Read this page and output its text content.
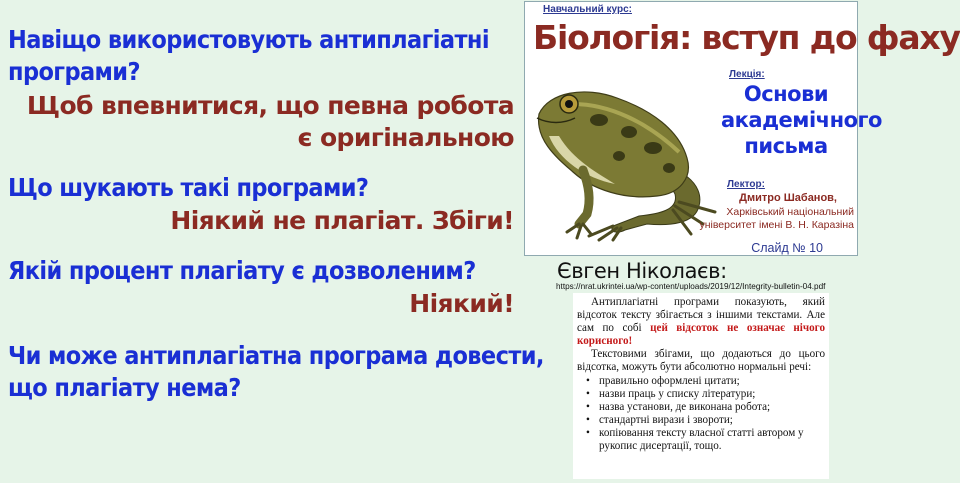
Навіщо використовують антиплагіатні
програми?
Щоб впевнитися, що певна робота
є оригінальною
Що шукають такі програми?
Ніякий не плагіат. Збіги!
Якій процент плагіату є дозволеним?
Ніякий!
Чи може антиплагіатна програма довести,
що плагіату нема?
Навчальний курс:
Біологія: вступ до фаху
Лекція:
Основи
академічного
письма
Лектор:
Дмитро Шабанов,
Харківський національний
університет імені В. Н. Каразіна
Слайд № 10
Євген Ніколаєв:
https://nrat.ukrintei.ua/wp-content/uploads/2019/12/Integrity-bulletin-04.pdf

Антиплагіатні програми показують, який відсоток тексту збігається з іншими текстами. Але сам по собі цей відсоток не означає нічого корисного!

Текстовими збігами, що додаються до цього відсотка, можуть бути абсолютно нормальні речі:

• правильно оформлені цитати;
• назви праць у списку літератури;
• назва установи, де виконана робота;
• стандартні вирази і звороти;
• копіювання тексту власної статті автором у рукопис дисертації, тощо.
